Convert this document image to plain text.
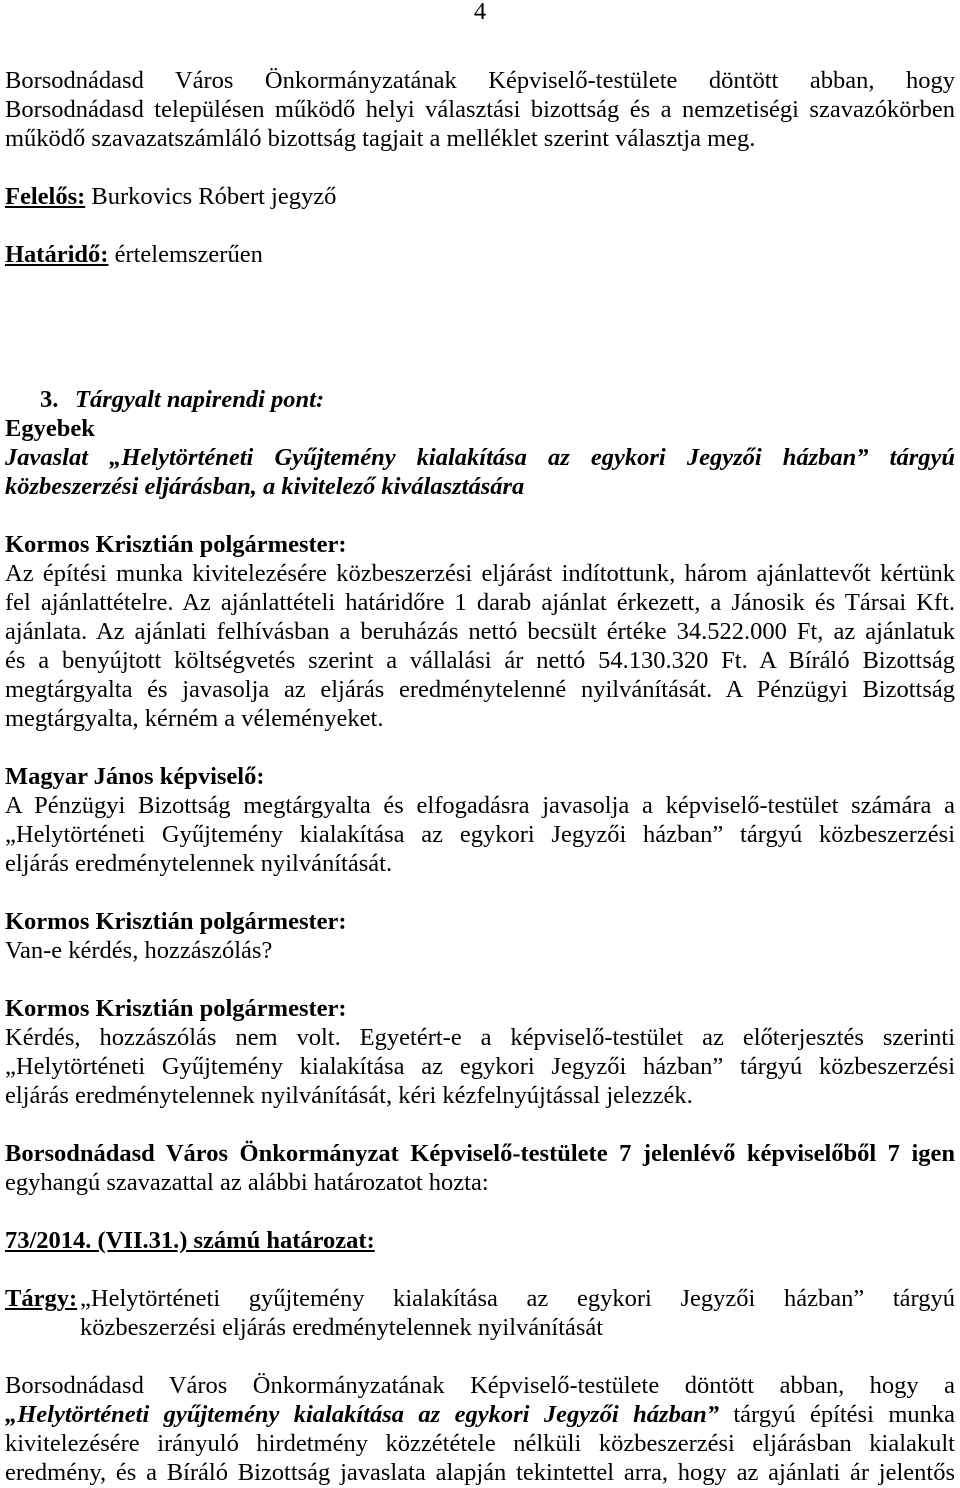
4
Borsodnádasd Város Önkormányzatának Képviselő-testülete döntött abban, hogy
Borsodnádasd településen működő helyi választási bizottság és a nemzetiségi szavazókörben
működő szavazatszámláló bizottság tagjait a melléklet szerint választja meg.
Felelős: Burkovics Róbert jegyző
Határidő: értelemszerűen
3. Tárgyalt napirendi pont:
Egyebek
Javaslat „Helytörténeti Gyűjtemény kialakítása az egykori Jegyzői házban” tárgyú
közbeszerzési eljárásban, a kivitelező kiválasztására
Kormos Krisztián polgármester:
Az építési munka kivitelezésére közbeszerzési eljárást indítottunk, három ajánlattevőt kértünk
fel ajánlattételre. Az ajánlattételi határidőre 1 darab ajánlat érkezett, a Jánosik és Társai Kft.
ajánlata. Az ajánlati felhívásban a beruházás nettó becsült értéke 34.522.000 Ft, az ajánlatuk
és a benyújtott költségvetés szerint a vállalási ár nettó 54.130.320 Ft. A Bíráló Bizottság
megtárgyalta és javasolja az eljárás eredménytelenné nyilvánítását. A Pénzügyi Bizottság
megtárgyalta, kérném a véleményeket.
Magyar János képviselő:
A Pénzügyi Bizottság megtárgyalta és elfogadásra javasolja a képviselő-testület számára a
„Helytörténeti Gyűjtemény kialakítása az egykori Jegyzői házban” tárgyú közbeszerzési
eljárás eredménytelennek nyilvánítását.
Kormos Krisztián polgármester:
Van-e kérdés, hozzászólás?
Kormos Krisztián polgármester:
Kérdés, hozzászólás nem volt. Egyetért-e a képviselő-testület az előterjesztés szerinti
„Helytörténeti Gyűjtemény kialakítása az egykori Jegyzői házban” tárgyú közbeszerzési
eljárás eredménytelennek nyilvánítását, kéri kézfelnyújtással jelezzék.
Borsodnádasd Város Önkormányzat Képviselő-testülete 7 jelenlévő képviselőből 7 igen
egyhangú szavazattal az alábbi határozatot hozta:
73/2014. (VII.31.) számú határozat:
Tárgy: „Helytörténeti gyűjtemény kialakítása az egykori Jegyzői házban” tárgyú
közbeszerzési eljárás eredménytelennek nyilvánítását
Borsodnádasd Város Önkormányzatának Képviselő-testülete döntött abban, hogy a
„Helytörténeti gyűjtemény kialakítása az egykori Jegyzői házban” tárgyú építési munka
kivitelezésére irányuló hirdetmény közzététele nélküli közbeszerzési eljárásban kialakult
eredmény, és a Bíráló Bizottság javaslata alapján tekintettel arra, hogy az ajánlati ár jelentős
